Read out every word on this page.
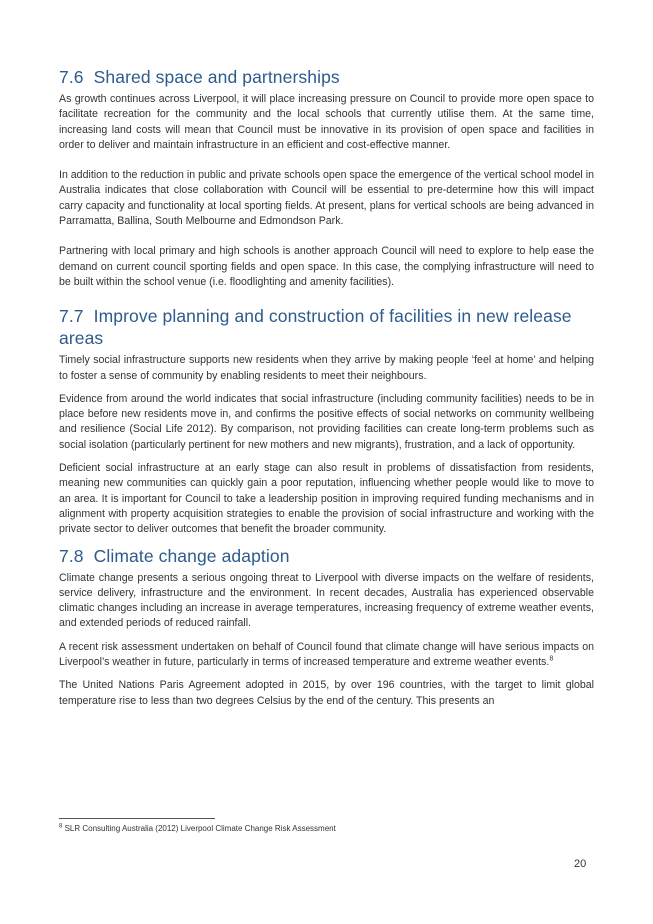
7.6 Shared space and partnerships

As growth continues across Liverpool, it will place increasing pressure on Council to provide more open space to facilitate recreation for the community and the local schools that currently utilise them. At the same time, increasing land costs will mean that Council must be innovative in its provision of open space and facilities in order to deliver and maintain infrastructure in an efficient and cost-effective manner.

In addition to the reduction in public and private schools open space the emergence of the vertical school model in Australia indicates that close collaboration with Council will be essential to pre-determine how this will impact carry capacity and functionality at local sporting fields. At present, plans for vertical schools are being advanced in Parramatta, Ballina, South Melbourne and Edmondson Park.

Partnering with local primary and high schools is another approach Council will need to explore to help ease the demand on current council sporting fields and open space. In this case, the complying infrastructure will need to be built within the school venue (i.e. floodlighting and amenity facilities).

7.7 Improve planning and construction of facilities in new release areas

Timely social infrastructure supports new residents when they arrive by making people ‘feel at home’ and helping to foster a sense of community by enabling residents to meet their neighbours.

Evidence from around the world indicates that social infrastructure (including community facilities) needs to be in place before new residents move in, and confirms the positive effects of social networks on community wellbeing and resilience (Social Life 2012). By comparison, not providing facilities can create long-term problems such as social isolation (particularly pertinent for new mothers and new migrants), frustration, and a lack of opportunity.

Deficient social infrastructure at an early stage can also result in problems of dissatisfaction from residents, meaning new communities can quickly gain a poor reputation, influencing whether people would like to move to an area. It is important for Council to take a leadership position in improving required funding mechanisms and in alignment with property acquisition strategies to enable the provision of social infrastructure and working with the private sector to deliver outcomes that benefit the broader community.

7.8 Climate change adaption

Climate change presents a serious ongoing threat to Liverpool with diverse impacts on the welfare of residents, service delivery, infrastructure and the environment. In recent decades, Australia has experienced observable climatic changes including an increase in average temperatures, increasing frequency of extreme weather events, and extended periods of reduced rainfall.

A recent risk assessment undertaken on behalf of Council found that climate change will have serious impacts on Liverpool’s weather in future, particularly in terms of increased temperature and extreme weather events.$^8$

The United Nations Paris Agreement adopted in 2015, by over 196 countries, with the target to limit global temperature rise to less than two degrees Celsius by the end of the century. This presents an

$^8$ SLR Consulting Australia (2012) Liverpool Climate Change Risk Assessment
20
